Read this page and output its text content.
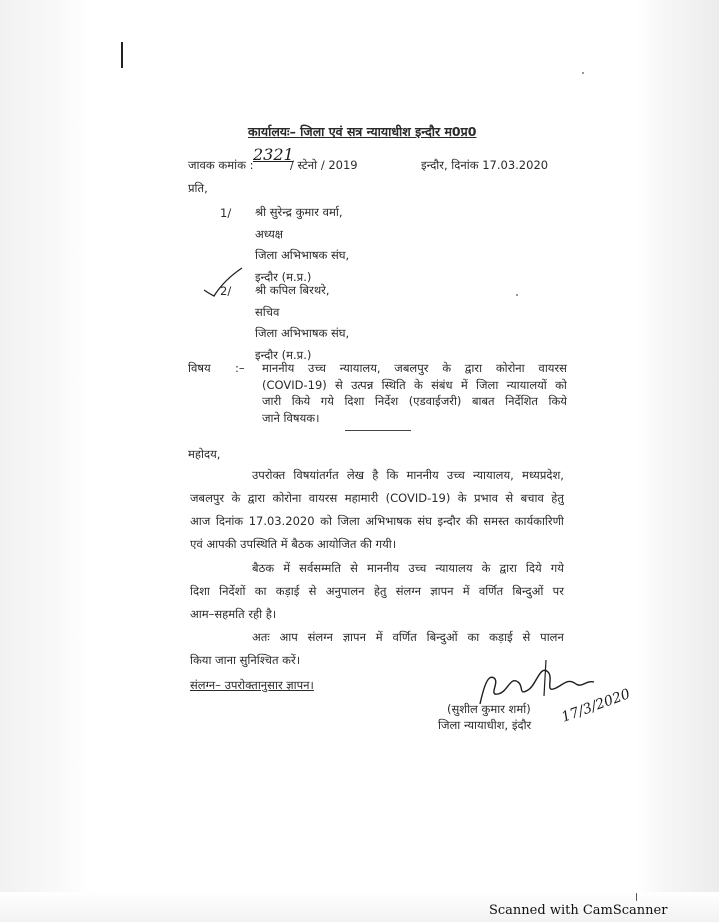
कार्यालयः– जिला एवं सत्र न्यायाधीश इन्दौर म0प्र0
जावक कमांक :
2321
/ स्टेनो / 2019	इन्दौर, दिनांक 17.03.2020
प्रति,
1/ श्री सुरेन्द्र कुमार वर्मा,
अध्यक्ष
जिला अभिभाषक संघ,
इन्दौर (म.प्र.)
2/ श्री कपिल बिरथरे,
सचिव
जिला अभिभाषक संघ,
इन्दौर (म.प्र.)
विषय :– माननीय उच्च न्यायालय, जबलपुर के द्वारा कोरोना वायरस
(COVID-19) से उत्पन्न स्थिति के संबंध में जिला न्यायालयों को
जारी किये गये दिशा निर्देश (एडवाईजरी) बाबत निर्देशित किये
जाने विषयक।
महोदय,
उपरोक्त विषयांतर्गत लेख है कि माननीय उच्च न्यायालय, मध्यप्रदेश,
जबलपुर के द्वारा कोरोना वायरस महामारी (COVID-19) के प्रभाव से बचाव हेतु
आज दिनांक 17.03.2020 को जिला अभिभाषक संघ इन्दौर की समस्त कार्यकारिणी
एवं आपकी उपस्थिति में बैठक आयोजित की गयी।
बैठक में सर्वसम्मति से माननीय उच्च न्यायालय के द्वारा दिये गये
दिशा निर्देशों का कड़ाई से अनुपालन हेतु संलग्न ज्ञापन में वर्णित बिन्दुओं पर
आम–सहमति रही है।
अतः आप संलग्न ज्ञापन में वर्णित बिन्दुओं का कड़ाई से पालन
किया जाना सुनिश्चित करें।
संलग्न– उपरोक्तानुसार ज्ञापन।
17/3/2020
(सुशील कुमार शर्मा)
जिला न्यायाधीश, इंदौर
Scanned with CamScanner
